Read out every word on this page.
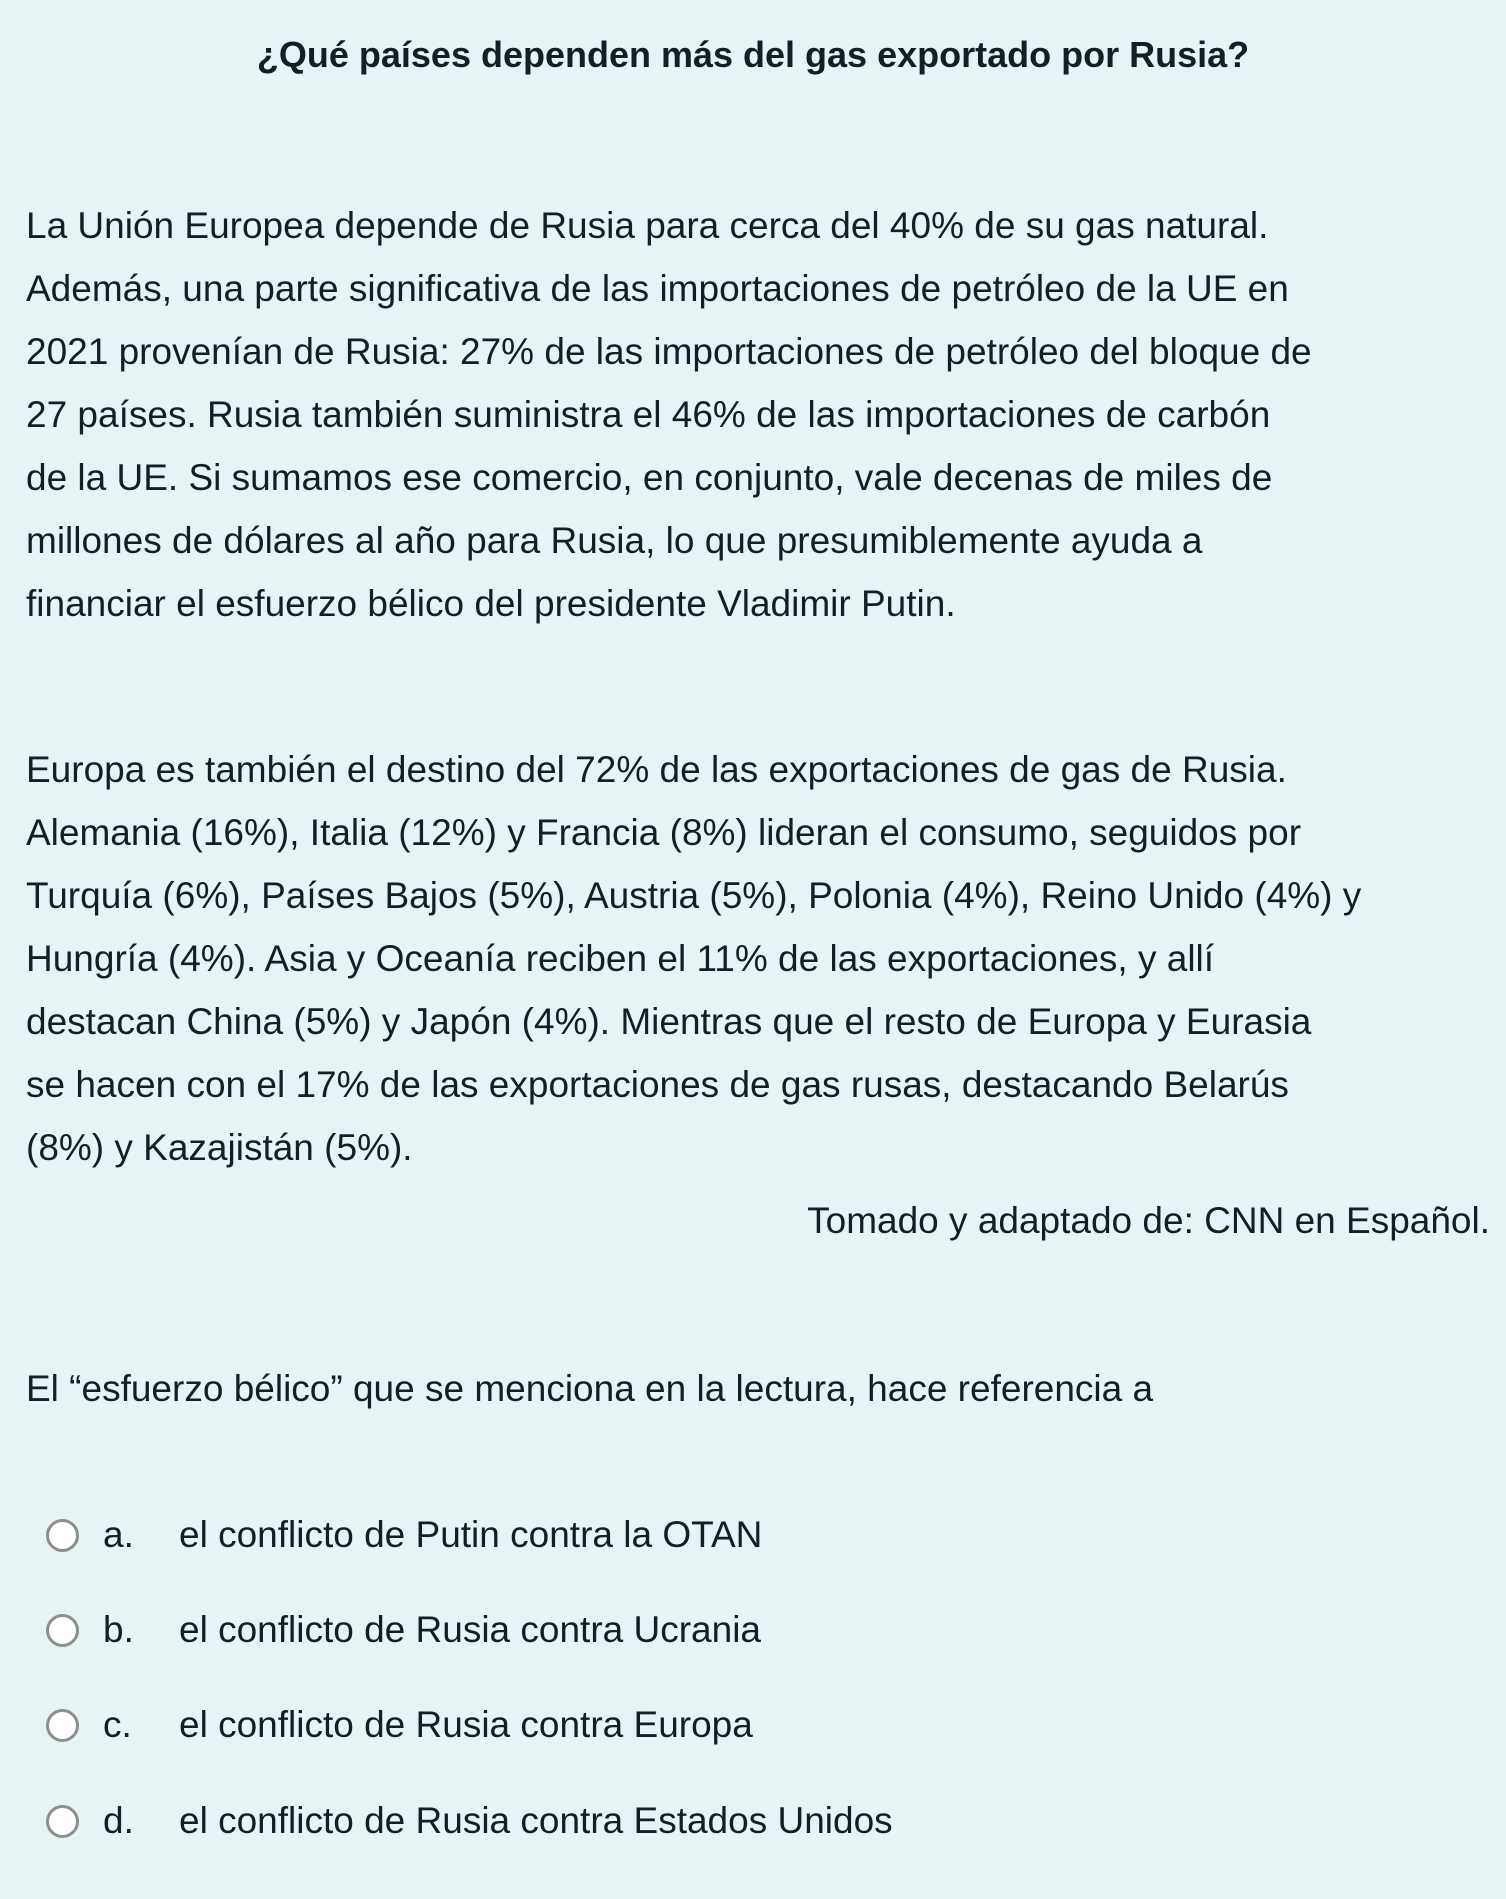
¿Qué países dependen más del gas exportado por Rusia?
La Unión Europea depende de Rusia para cerca del 40% de su gas natural.
Además, una parte significativa de las importaciones de petróleo de la UE en
2021 provenían de Rusia: 27% de las importaciones de petróleo del bloque de
27 países. Rusia también suministra el 46% de las importaciones de carbón
de la UE. Si sumamos ese comercio, en conjunto, vale decenas de miles de
millones de dólares al año para Rusia, lo que presumiblemente ayuda a
financiar el esfuerzo bélico del presidente Vladimir Putin.
Europa es también el destino del 72% de las exportaciones de gas de Rusia.
Alemania (16%), Italia (12%) y Francia (8%) lideran el consumo, seguidos por
Turquía (6%), Países Bajos (5%), Austria (5%), Polonia (4%), Reino Unido (4%) y
Hungría (4%). Asia y Oceanía reciben el 11% de las exportaciones, y allí
destacan China (5%) y Japón (4%). Mientras que el resto de Europa y Eurasia
se hacen con el 17% de las exportaciones de gas rusas, destacando Belarús
(8%) y Kazajistán (5%).
Tomado y adaptado de: CNN en Español.
El “esfuerzo bélico” que se menciona en la lectura, hace referencia a
a.	el conflicto de Putin contra la OTAN
b.	el conflicto de Rusia contra Ucrania
c.	el conflicto de Rusia contra Europa
d.	el conflicto de Rusia contra Estados Unidos
